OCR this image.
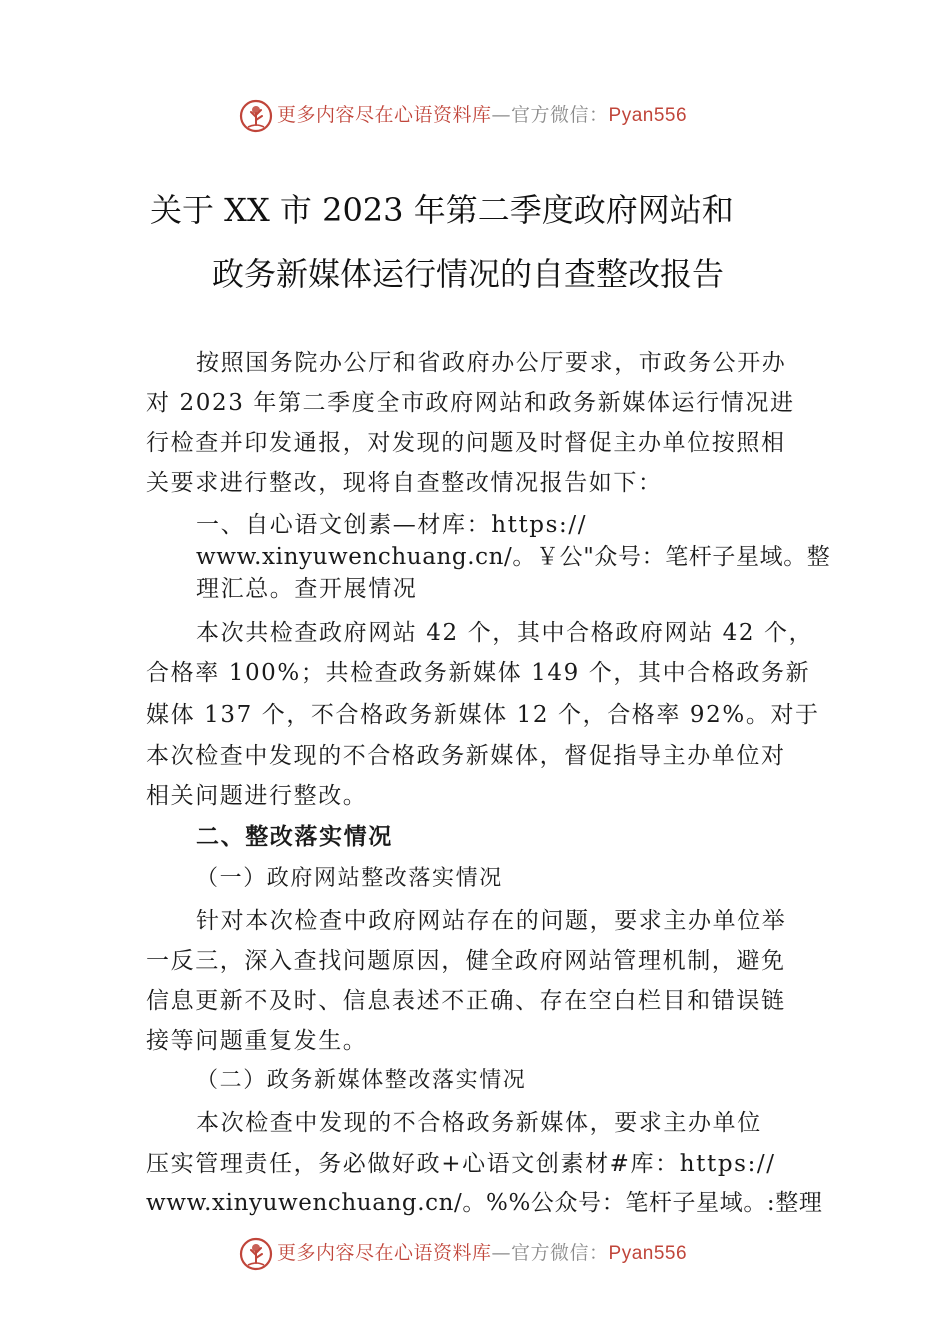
更多内容尽在心语资料库—官方微信：Pyan556
关于 XX 市 2023 年第二季度政府网站和
政务新媒体运行情况的自查整改报告
按照国务院办公厅和省政府办公厅要求，市政务公开办
对 2023 年第二季度全市政府网站和政务新媒体运行情况进
行检查并印发通报，对发现的问题及时督促主办单位按照相
关要求进行整改，现将自查整改情况报告如下：
一、自心语文创素—材库：https://
www.xinyuwenchuang.cn/。￥公"众号：笔杆子星域。整
理汇总。查开展情况
本次共检查政府网站 42 个，其中合格政府网站 42 个，
合格率 100%；共检查政务新媒体 149 个，其中合格政务新
媒体 137 个，不合格政务新媒体 12 个，合格率 92%。对于
本次检查中发现的不合格政务新媒体，督促指导主办单位对
相关问题进行整改。
二、整改落实情况
（一）政府网站整改落实情况
针对本次检查中政府网站存在的问题，要求主办单位举
一反三，深入查找问题原因，健全政府网站管理机制，避免
信息更新不及时、信息表述不正确、存在空白栏目和错误链
接等问题重复发生。
（二）政务新媒体整改落实情况
本次检查中发现的不合格政务新媒体，要求主办单位
压实管理责任，务必做好政+心语文创素材#库：https://
www.xinyuwenchuang.cn/。%%公众号：笔杆子星域。:整理
更多内容尽在心语资料库—官方微信：Pyan556
